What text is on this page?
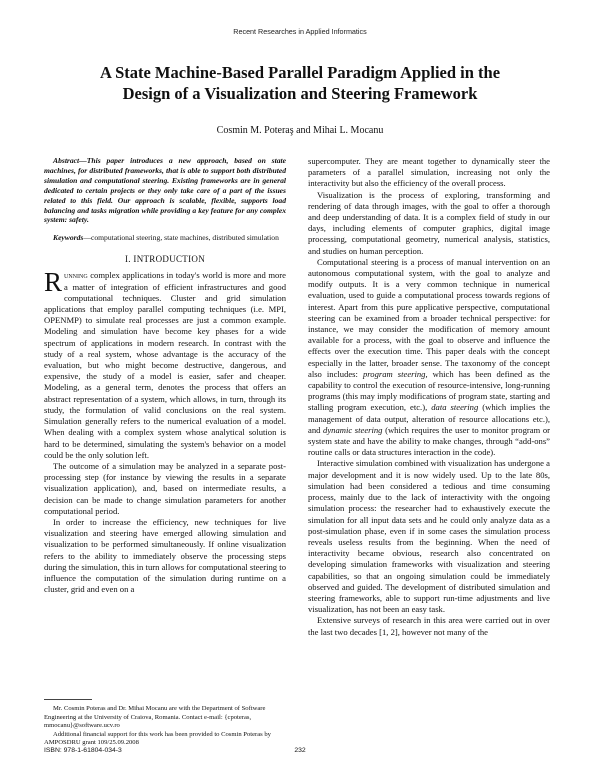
Recent Researches in Applied Informatics
A State Machine-Based Parallel Paradigm Applied in the
Design of a Visualization and Steering Framework
Cosmin M. Poteraş and Mihai L. Mocanu

Abstract—This paper introduces a new approach, based on state machines, for distributed frameworks, that is able to support both distributed simulation and computational steering. Existing frameworks are in general dedicated to certain projects or they only take care of a part of the issues related to this field. Our approach is scalable, flexible, supports load balancing and tasks migration while providing a key feature for any complex system: safety.

Keywords—computational steering, state machines, distributed simulation

I. INTRODUCTION

Running complex applications in today's world is more and more a matter of integration of efficient infrastructures and good computational techniques. Cluster and grid simulation applications that employ parallel computing techniques (i.e. MPI, OPENMP) to simulate real processes are just a common example. Modeling and simulation have become key phases for a wide spectrum of applications in modern research. In contrast with the study of a real system, whose advantage is the accuracy of the evaluation, but who might become destructive, dangerous, and expensive, the study of a model is easier, safer and cheaper. Modeling, as a general term, denotes the process that offers an abstract representation of a system, which allows, in turn, through its study, the formulation of valid conclusions on the real system. Simulation generally refers to the numerical evaluation of a model. When dealing with a complex system whose analytical solution is hard to be determined, simulating the system's behavior on a model could be the only solution left.

The outcome of a simulation may be analyzed in a separate post-processing step (for instance by viewing the results in a separate visualization application), and, based on intermediate results, a decision can be made to change simulation parameters for another computational period.

In order to increase the efficiency, new techniques for live visualization and steering have emerged allowing simulation and visualization to be performed simultaneously. If online visualization refers to the ability to immediately observe the processing steps during the simulation, this in turn allows for computational steering to influence the computation of the simulation during runtime on a cluster, grid and even on a

Mr. Cosmin Poteras and Dr. Mihai Mocanu are with the Department of Software Engineering at the University of Craiova, Romania. Contact e-mail: {cpoteras, mmocanu}@software.ucv.ro

Additional financial support for this work has been provided to Cosmin Poteras by AMPOSDRU grant 109/25.09.2008

supercomputer. They are meant together to dynamically steer the parameters of a parallel simulation, increasing not only the interactivity but also the efficiency of the overall process.

Visualization is the process of exploring, transforming and rendering of data through images, with the goal to offer a thorough and deep understanding of data. It is a complex field of study in our days, including elements of computer graphics, digital image processing, computational geometry, numerical analysis, statistics, and studies on human perception.

Computational steering is a process of manual intervention on an autonomous computational system, with the goal to analyze and modify outputs. It is a very common technique in numerical evaluation, used to guide a computational process towards regions of interest. Apart from this pure applicative perspective, computational steering can be examined from a broader technical perspective: for instance, we may consider the modification of memory amount available for a process, with the goal to observe and influence the effects over the execution time. This paper deals with the concept especially in the latter, broader sense. The taxonomy of the concept also includes: program steering, which has been defined as the capability to control the execution of resource-intensive, long-running programs (this may imply modifications of program state, starting and stalling program execution, etc.), data steering (which implies the management of data output, alteration of resource allocations etc.), and dynamic steering (which requires the user to monitor program or system state and have the ability to make changes, through “add-ons” routine calls or data structures interaction in the code).

Interactive simulation combined with visualization has undergone a major development and it is now widely used. Up to the late 80s, simulation had been considered a tedious and time consuming process, mainly due to the lack of interactivity with the ongoing simulation process: the researcher had to exhaustively execute the simulation for all input data sets and he could only analyze data as a post-simulation phase, even if in some cases the simulation process reveals useless results from the beginning. When the need of interactivity became obvious, research also concentrated on developing simulation frameworks with visualization and steering capabilities, so that an ongoing simulation could be immediately observed and guided. The development of distributed simulation and steering frameworks, able to support run-time adjustments and live visualization, has not been an easy task.

Extensive surveys of research in this area were carried out in over the last two decades [1, 2], however not many of the

ISBN: 978-1-61804-034-3	232
